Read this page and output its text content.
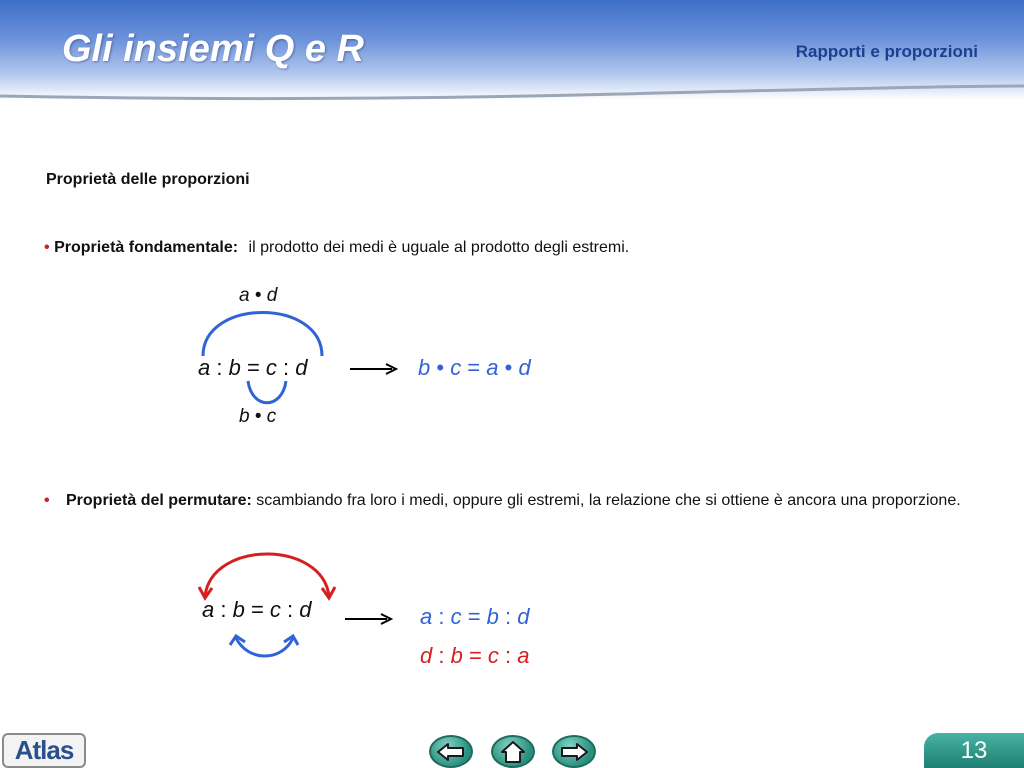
Gli insiemi Q e R	Rapporti e proporzioni
Proprietà delle proporzioni
• Proprietà fondamentale: il prodotto dei medi è uguale al prodotto degli estremi.
a • d
a : b = c : d
b • c
b • c = a • d
• Proprietà del permutare: scambiando fra loro i medi, oppure gli estremi, la relazione che si ottiene è ancora una proporzione.
a : b = c : d	a : c = b : d
d : b = c : a
Atlas	13
